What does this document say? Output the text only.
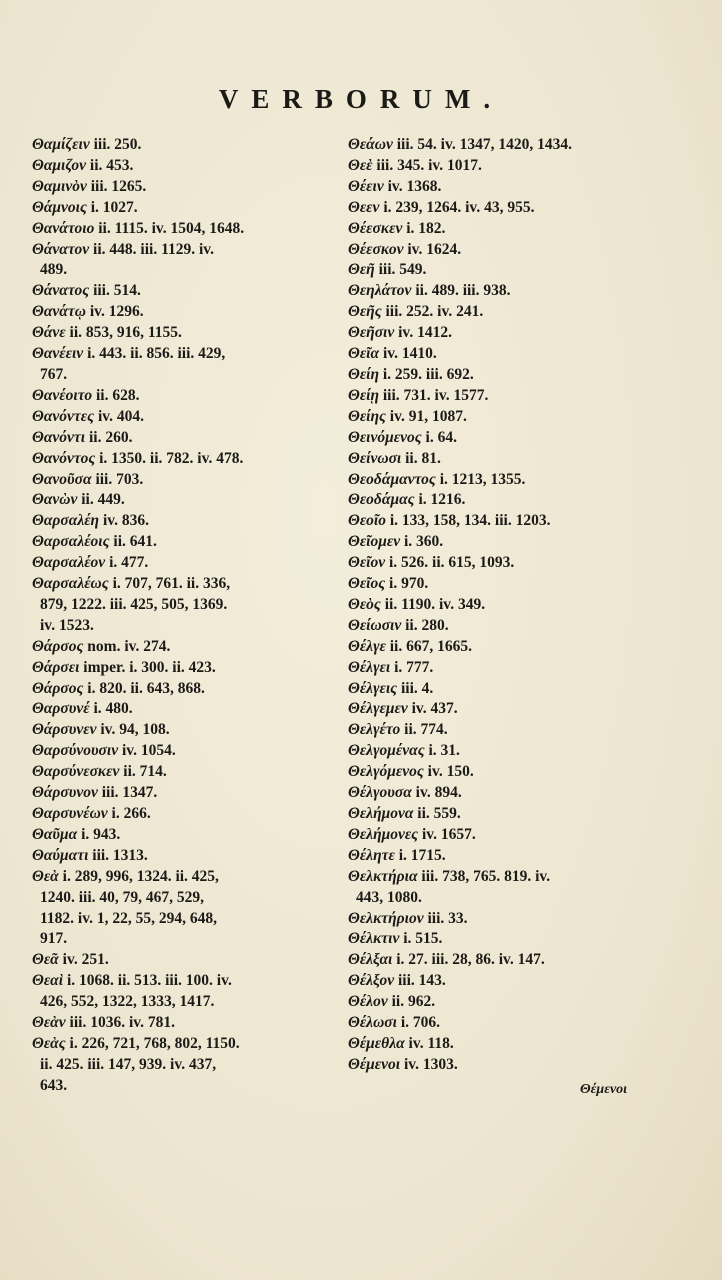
VERBORUM.
Θαμίζειν iii. 250.
Θαμιζον ii. 453.
Θαμινὸν iii. 1265.
Θάμνοις i. 1027.
Θανάτοιο ii. 1115. iv. 1504, 1648.
Θάνατον ii. 448. iii. 1129. iv.
489.
Θάνατος iii. 514.
Θανάτῳ iv. 1296.
Θάνε ii. 853, 916, 1155.
Θανέειν i. 443. ii. 856. iii. 429,
767.
Θανέοιτο ii. 628.
Θανόντες iv. 404.
Θανόντι ii. 260.
Θανόντος i. 1350. ii. 782. iv. 478.
Θανοῦσα iii. 703.
Θανὼν ii. 449.
Θαρσαλέη iv. 836.
Θαρσαλέοις ii. 641.
Θαρσαλέον i. 477.
Θαρσαλέως i. 707, 761. ii. 336,
879, 1222. iii. 425, 505, 1369.
iv. 1523.
Θάρσος nom. iv. 274.
Θάρσει imper. i. 300. ii. 423.
Θάρσος i. 820. ii. 643, 868.
Θαρσυνέ i. 480.
Θάρσυνεν iv. 94, 108.
Θαρσύνουσιν iv. 1054.
Θαρσύνεσκεν ii. 714.
Θάρσυνον iii. 1347.
Θαρσυνέων i. 266.
Θαῦμα i. 943.
Θαύματι iii. 1313.
Θεὰ i. 289, 996, 1324. ii. 425,
1240. iii. 40, 79, 467, 529,
1182. iv. 1, 22, 55, 294, 648,
917.
Θεᾶ iv. 251.
Θεαὶ i. 1068. ii. 513. iii. 100. iv.
426, 552, 1322, 1333, 1417.
Θεὰν iii. 1036. iv. 781.
Θεὰς i. 226, 721, 768, 802, 1150.
ii. 425. iii. 147, 939. iv. 437,
643.
Θεάων iii. 54. iv. 1347, 1420, 1434.
Θεὲ iii. 345. iv. 1017.
Θέειν iv. 1368.
Θεεν i. 239, 1264. iv. 43, 955.
Θέεσκεν i. 182.
Θέεσκον iv. 1624.
Θεῆ iii. 549.
Θεηλάτον ii. 489. iii. 938.
Θεῆς iii. 252. iv. 241.
Θεῆσιν iv. 1412.
Θεῖα iv. 1410.
Θείη i. 259. iii. 692.
Θείῃ iii. 731. iv. 1577.
Θείης iv. 91, 1087.
Θεινόμενος i. 64.
Θείνωσι ii. 81.
Θεοδάμαντος i. 1213, 1355.
Θεοδάμας i. 1216.
Θεοῖο i. 133, 158, 134. iii. 1203.
Θεῖομεν i. 360.
Θεῖον i. 526. ii. 615, 1093.
Θεῖος i. 970.
Θεὸς ii. 1190. iv. 349.
Θείωσιν ii. 280.
Θέλγε ii. 667, 1665.
Θέλγει i. 777.
Θέλγεις iii. 4.
Θέλγεμεν iv. 437.
Θελγέτο ii. 774.
Θελγομένας i. 31.
Θελγόμενος iv. 150.
Θέλγουσα iv. 894.
Θελήμονα ii. 559.
Θελήμονες iv. 1657.
Θέλητε i. 1715.
Θελκτήρια iii. 738, 765. 819. iv.
443, 1080.
Θελκτήριον iii. 33.
Θέλκτιν i. 515.
Θέλξαι i. 27. iii. 28, 86. iv. 147.
Θέλξον iii. 143.
Θέλον ii. 962.
Θέλωσι i. 706.
Θέμεθλα iv. 118.
Θέμενοι iv. 1303.
Θέμενοι
